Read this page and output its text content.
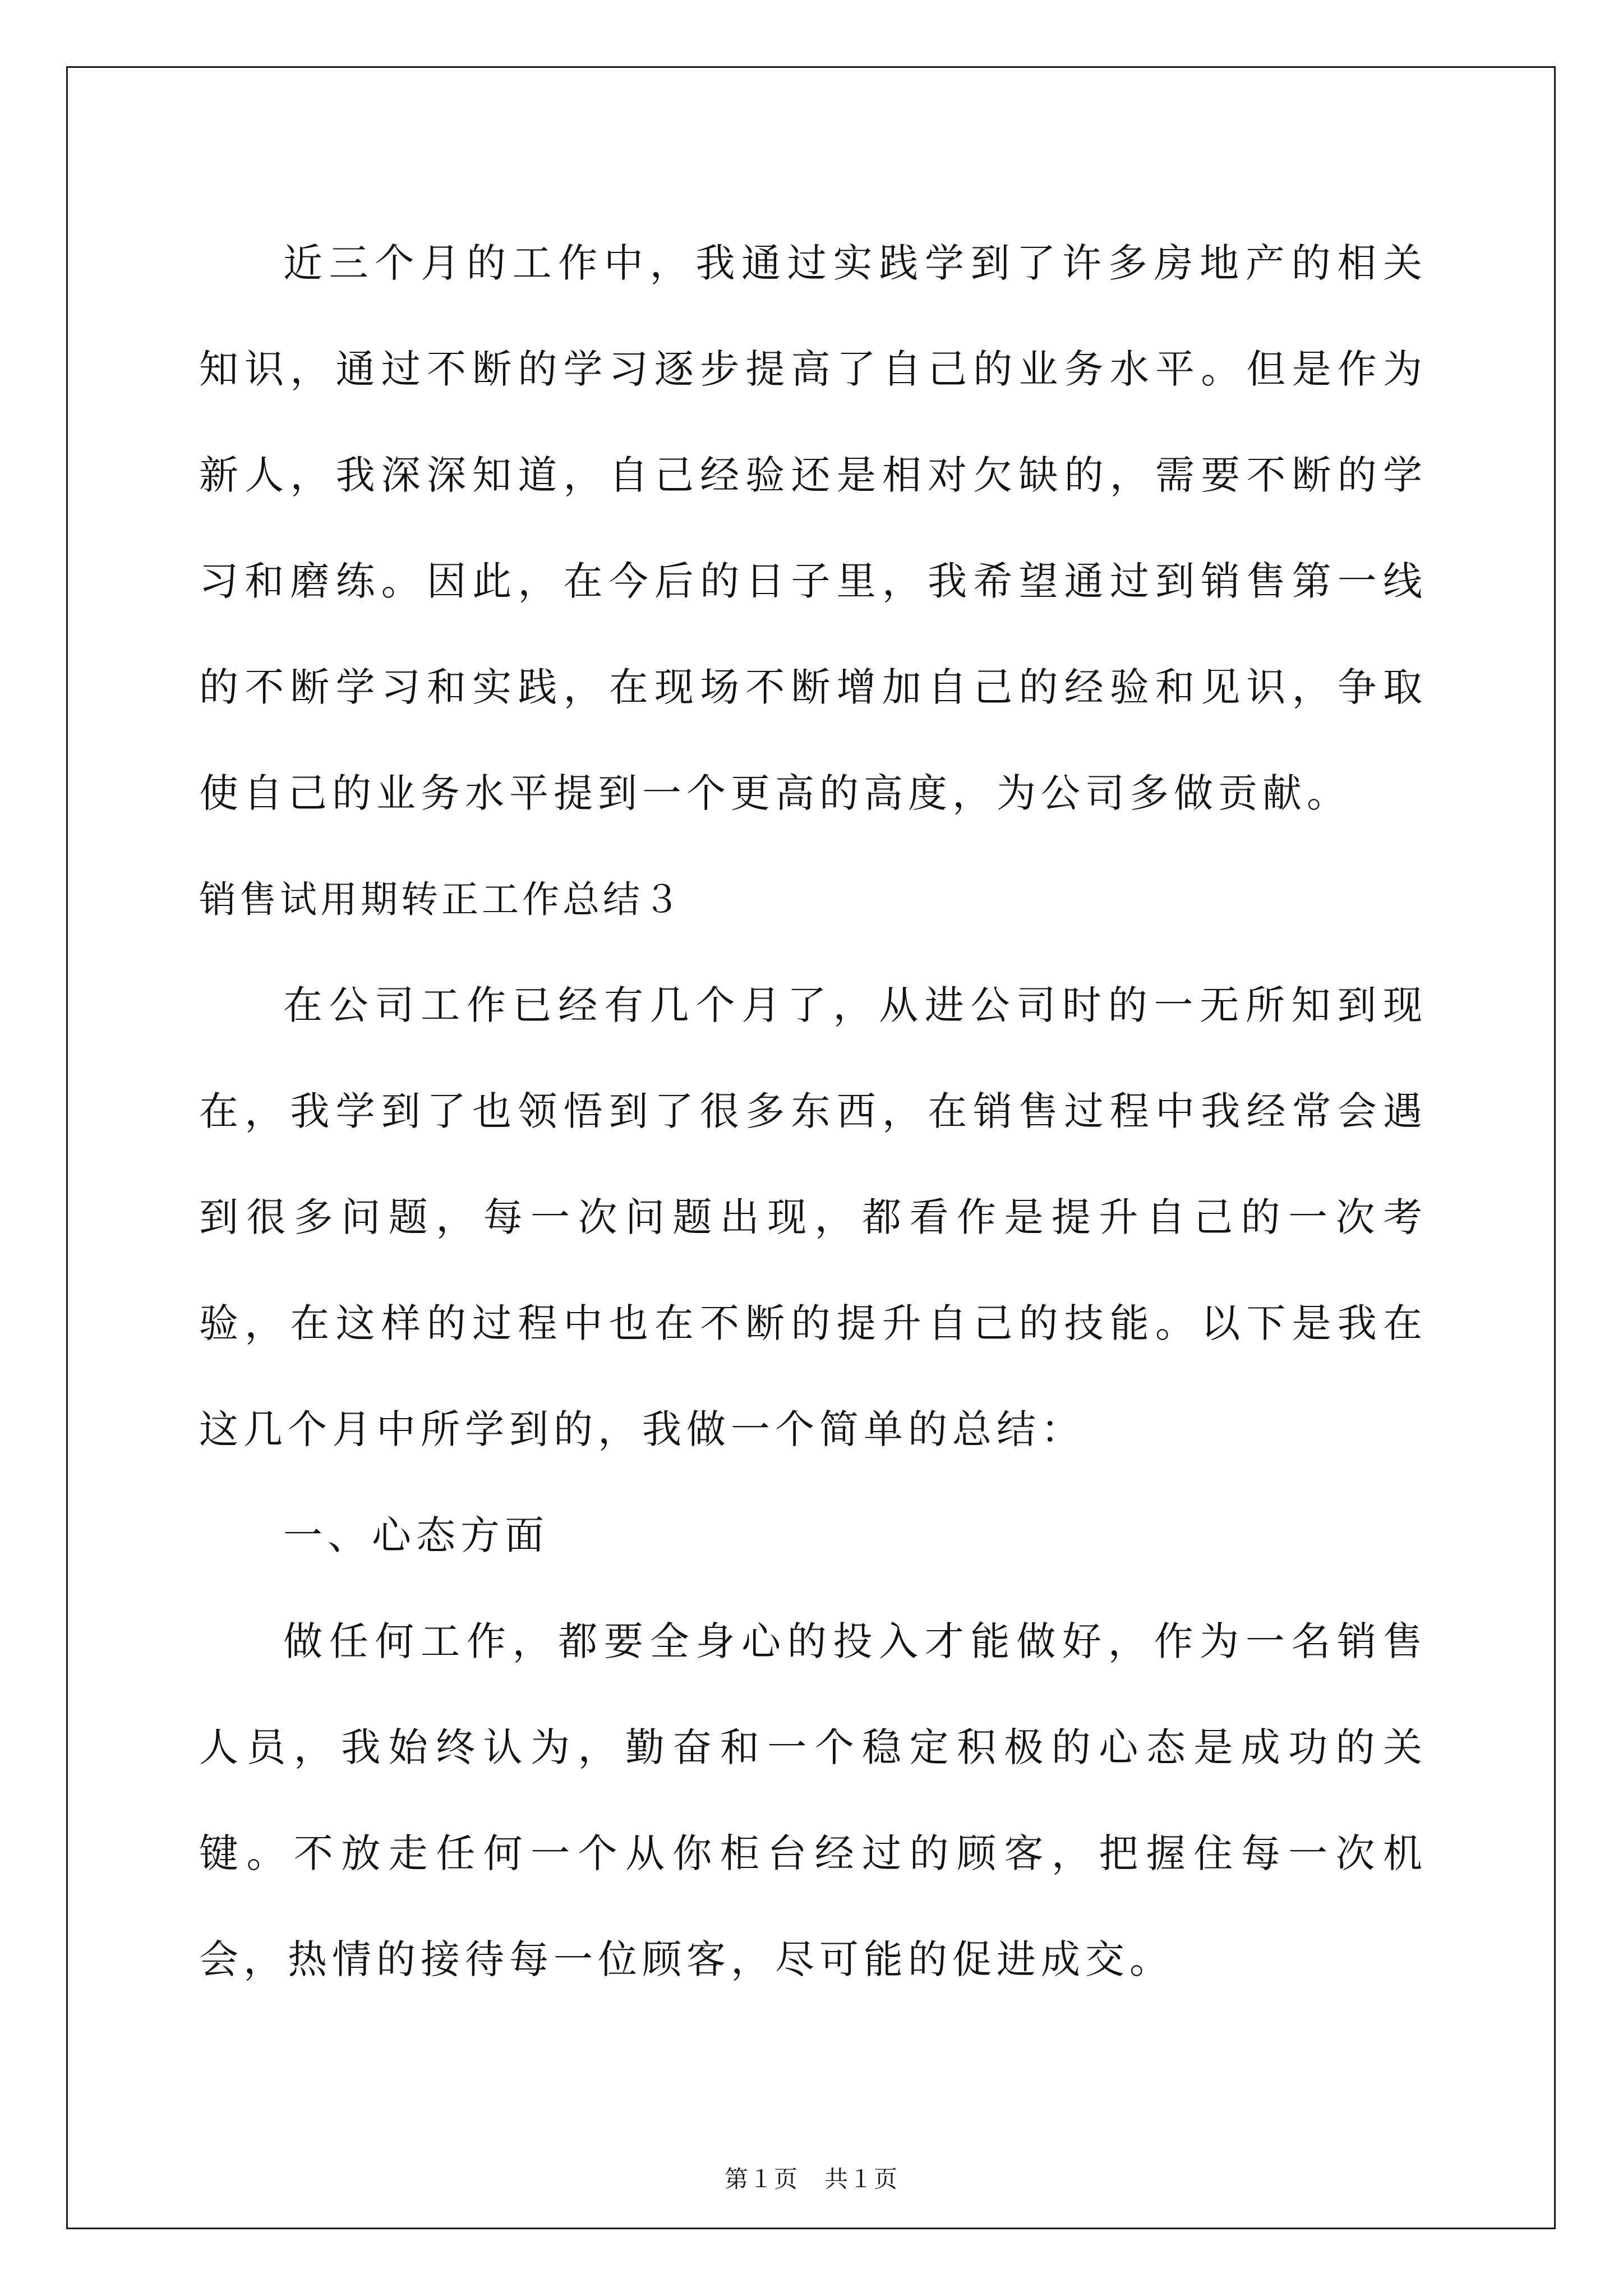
近三个月的工作中，我通过实践学到了许多房地产的相关知识，通过不断的学习逐步提高了自己的业务水平。但是作为新人，我深深知道，自己经验还是相对欠缺的，需要不断的学习和磨练。因此，在今后的日子里，我希望通过到销售第一线的不断学习和实践，在现场不断增加自己的经验和见识，争取使自己的业务水平提到一个更高的高度，为公司多做贡献。

销售试用期转正工作总结３

在公司工作已经有几个月了，从进公司时的一无所知到现在，我学到了也领悟到了很多东西，在销售过程中我经常会遇到很多问题，每一次问题出现，都看作是提升自己的一次考验，在这样的过程中也在不断的提升自己的技能。以下是我在这几个月中所学到的，我做一个简单的总结：

一、心态方面

做任何工作，都要全身心的投入才能做好，作为一名销售人员，我始终认为，勤奋和一个稳定积极的心态是成功的关键。不放走任何一个从你柜台经过的顾客，把握住每一次机会，热情的接待每一位顾客，尽可能的促进成交。

第１页 共１页
